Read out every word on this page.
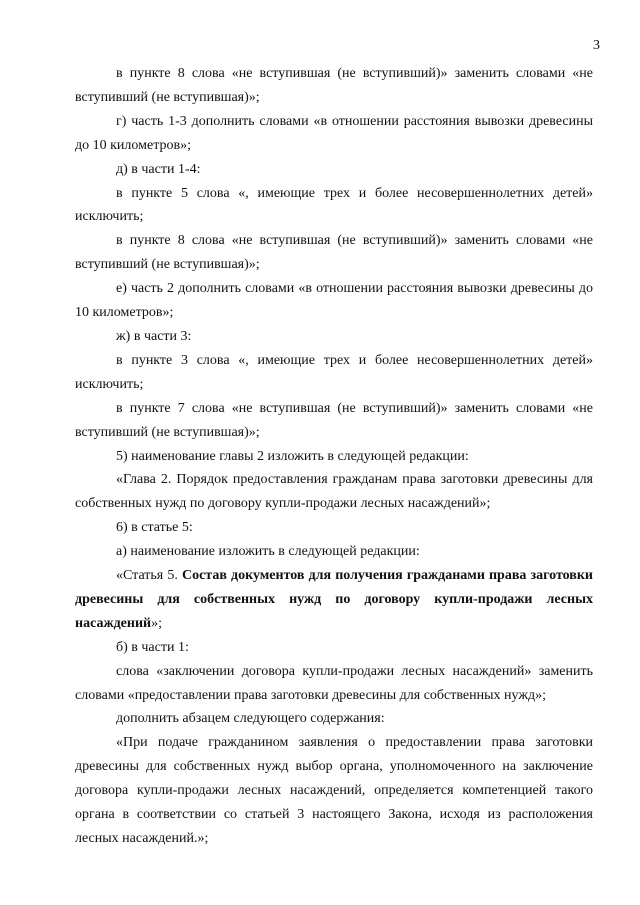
3

в пункте 8 слова «не вступившая (не вступивший)» заменить словами «не вступивший (не вступившая)»;

г) часть 1-3 дополнить словами «в отношении расстояния вывозки древесины до 10 километров»;

д) в части 1-4:

в пункте 5 слова «, имеющие трех и более несовершеннолетних детей» исключить;

в пункте 8 слова «не вступившая (не вступивший)» заменить словами «не вступивший (не вступившая)»;

е) часть 2 дополнить словами «в отношении расстояния вывозки древесины до 10 километров»;

ж) в части 3:

в пункте 3 слова «, имеющие трех и более несовершеннолетних детей» исключить;

в пункте 7 слова «не вступившая (не вступивший)» заменить словами «не вступивший (не вступившая)»;

5) наименование главы 2 изложить в следующей редакции:

«Глава 2. Порядок предоставления гражданам права заготовки древесины для собственных нужд по договору купли-продажи лесных насаждений»;

6) в статье 5:

а) наименование изложить в следующей редакции:

«Статья 5. Состав документов для получения гражданами права заготовки древесины для собственных нужд по договору купли-продажи лесных насаждений»;

б) в части 1:

слова «заключении договора купли-продажи лесных насаждений» заменить словами «предоставлении права заготовки древесины для собственных нужд»;

дополнить абзацем следующего содержания:

«При подаче гражданином заявления о предоставлении права заготовки древесины для собственных нужд выбор органа, уполномоченного на заключение договора купли-продажи лесных насаждений, определяется компетенцией такого органа в соответствии со статьей 3 настоящего Закона, исходя из расположения лесных насаждений.»;
